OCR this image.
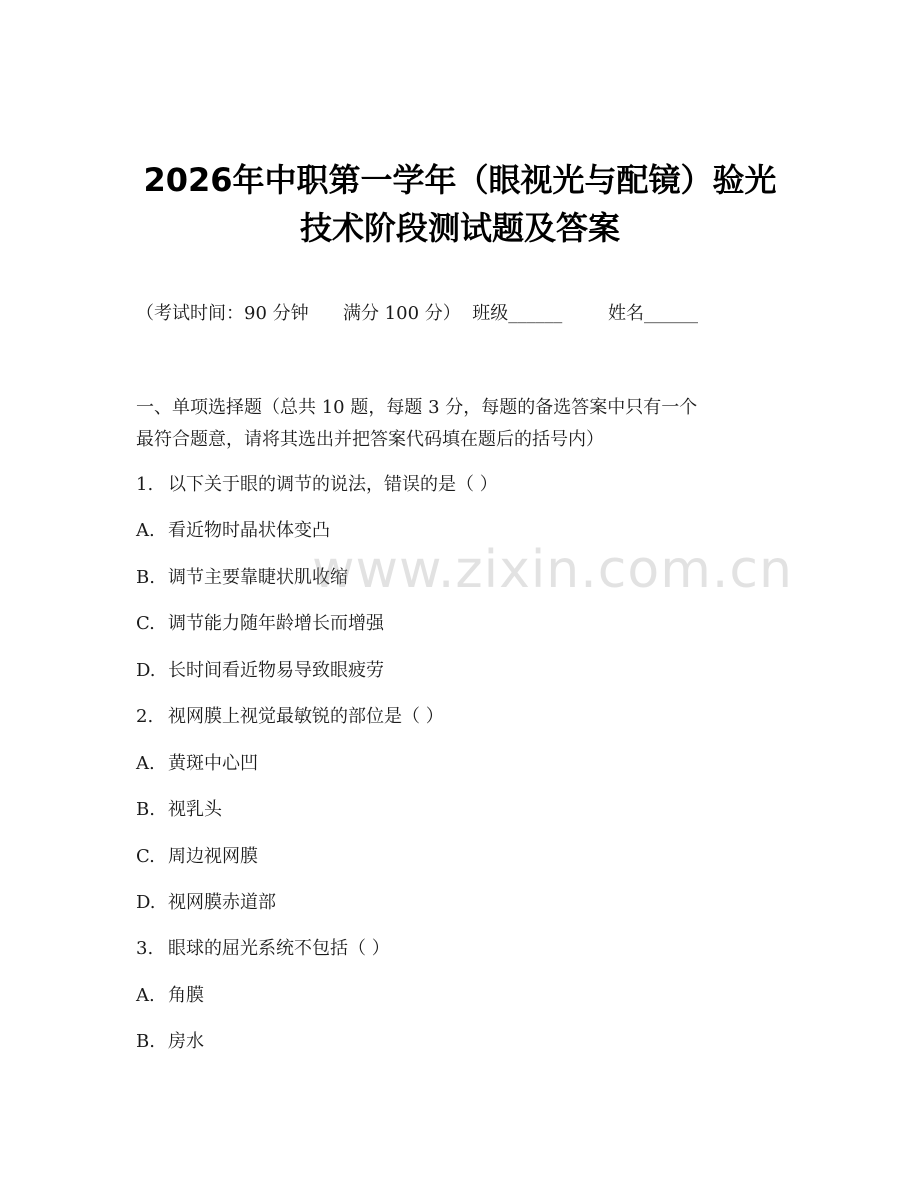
2026年中职第一学年（眼视光与配镜）验光
技术阶段测试题及答案
（考试时间：90 分钟      满分 100 分）  班级______        姓名______
一、单项选择题（总共 10 题，每题 3 分，每题的备选答案中只有一个
最符合题意，请将其选出并把答案代码填在题后的括号内）
1. 以下关于眼的调节的说法，错误的是（ ）
A. 看近物时晶状体变凸
B. 调节主要靠睫状肌收缩
C. 调节能力随年龄增长而增强
D. 长时间看近物易导致眼疲劳
2. 视网膜上视觉最敏锐的部位是（ ）
A. 黄斑中心凹
B. 视乳头
C. 周边视网膜
D. 视网膜赤道部
3. 眼球的屈光系统不包括（ ）
A. 角膜
B. 房水
www.zixin.com.cn
